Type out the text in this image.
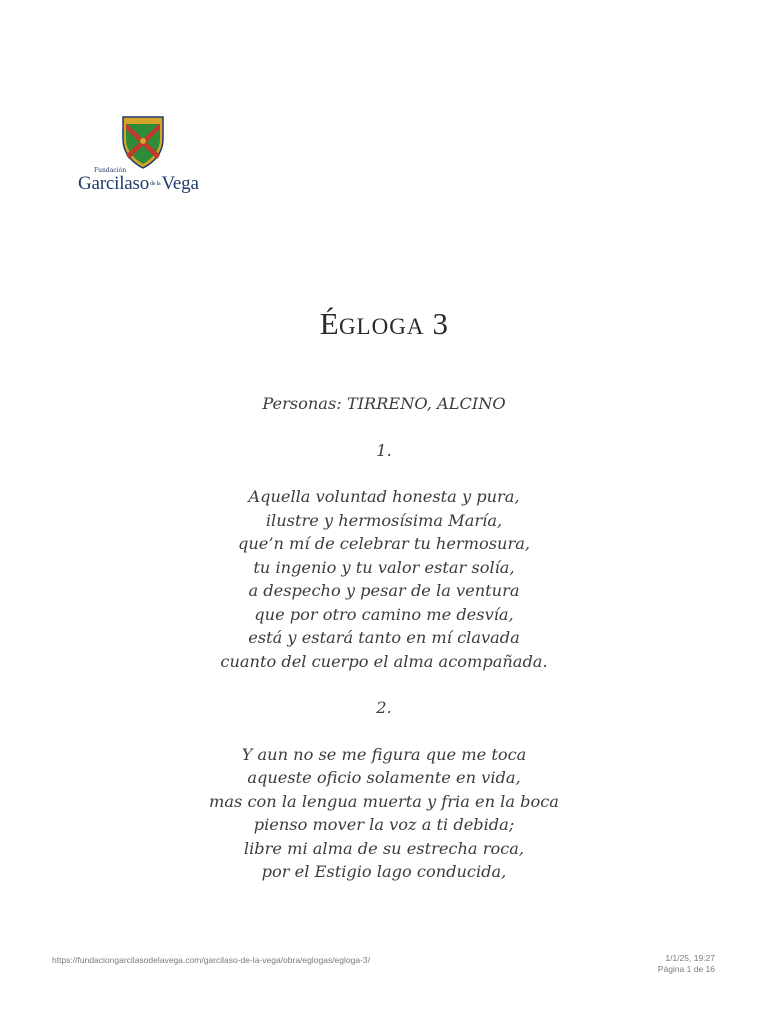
Fundación
Garcilaso$^{de la}$Vega
ÉGLOGA 3
Personas: TIRRENO, ALCINO
1.
Aquella voluntad honesta y pura,
ilustre y hermosísima María,
que’n mí de celebrar tu hermosura,
tu ingenio y tu valor estar solía,
a despecho y pesar de la ventura
que por otro camino me desvía,
está y estará tanto en mí clavada
cuanto del cuerpo el alma acompañada.
2.
Y aun no se me figura que me toca
aqueste oficio solamente en vida,
mas con la lengua muerta y fria en la boca
pienso mover la voz a ti debida;
libre mi alma de su estrecha roca,
por el Estigio lago conducida,
https://fundaciongarcilasodelavega.com/garcilaso-de-la-vega/obra/eglogas/egloga-3/	1/1/25, 19:27
Página 1 de 16
